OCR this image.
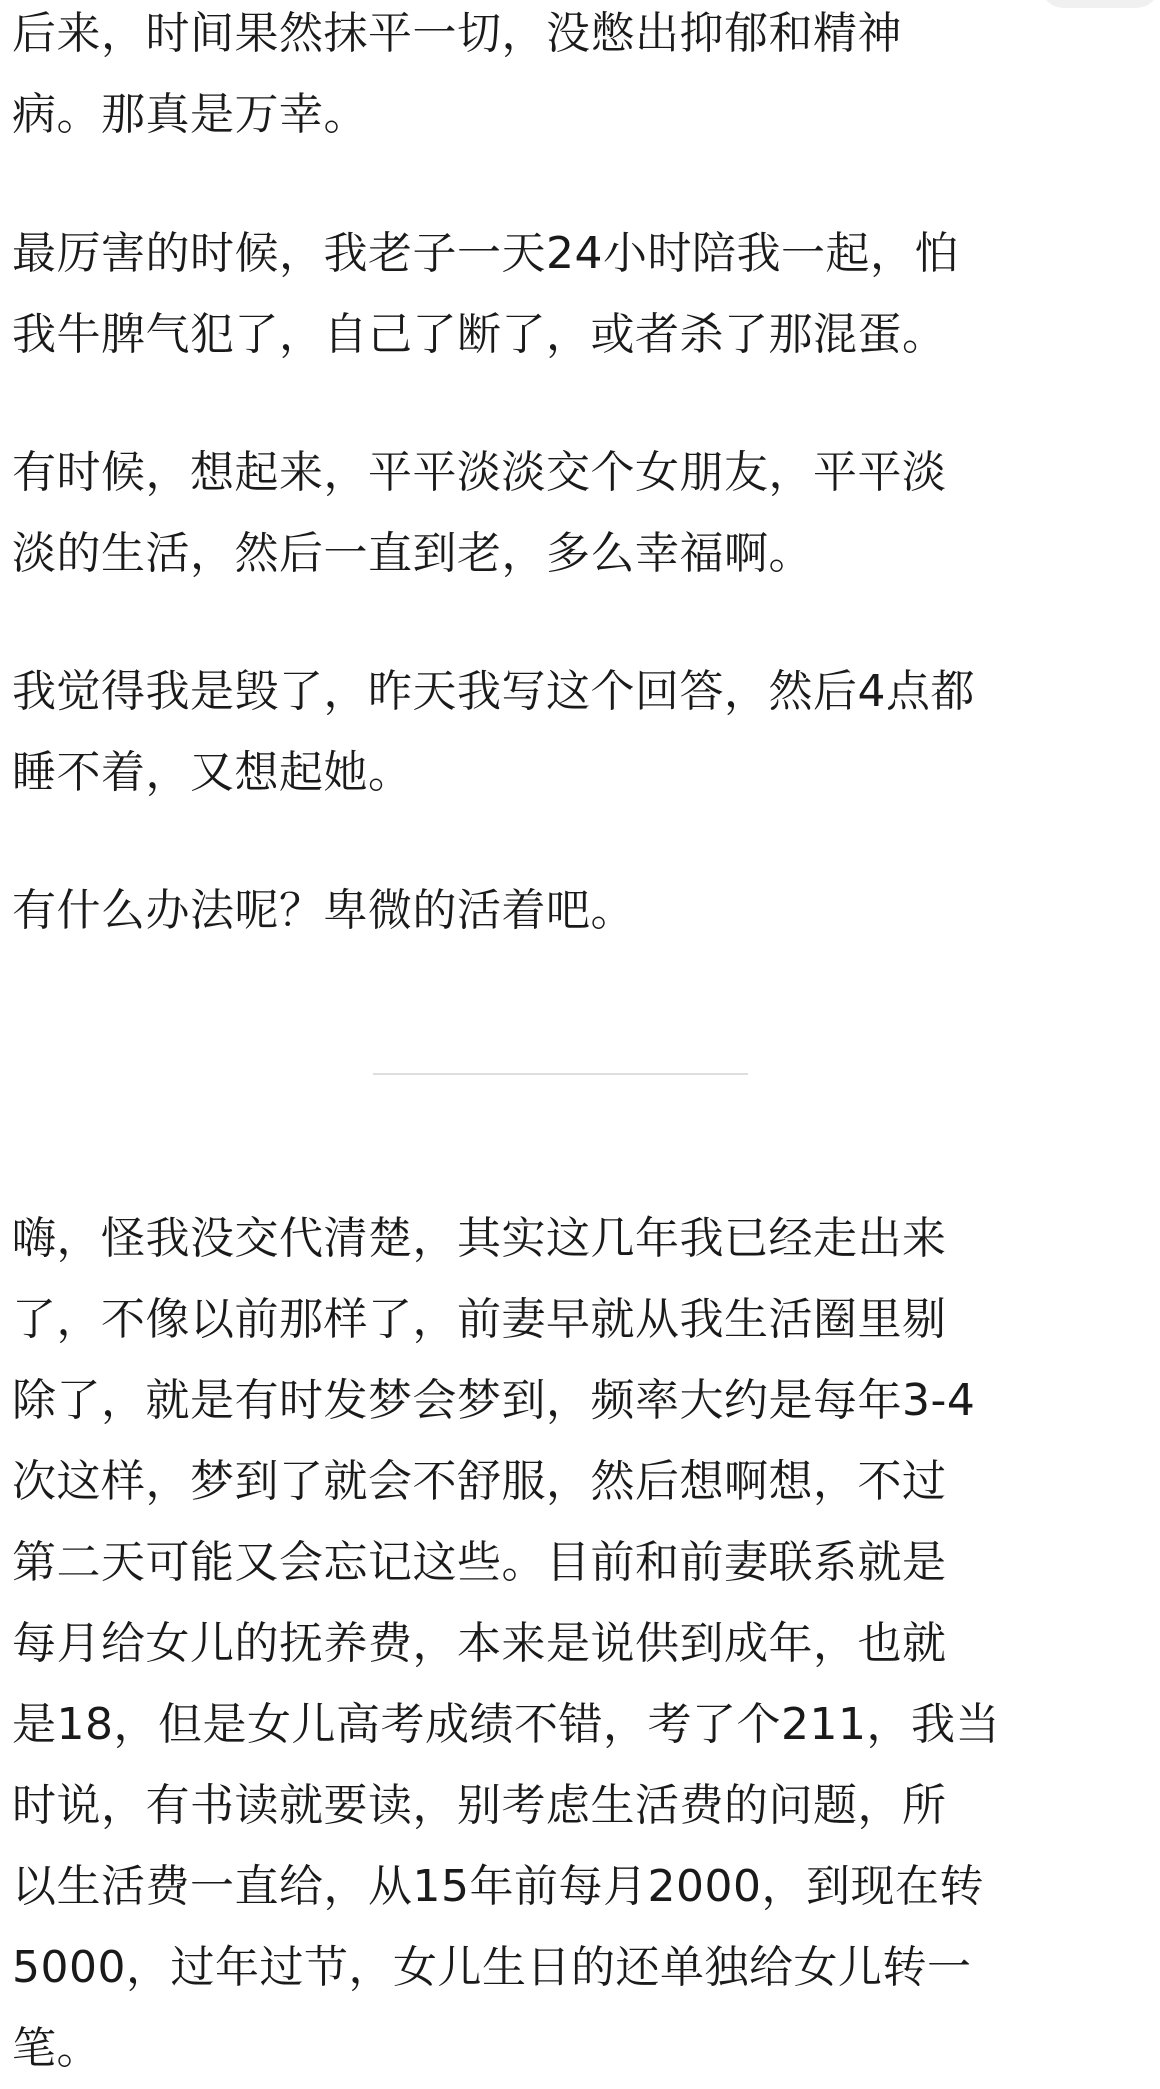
后来，时间果然抹平一切，没憋出抑郁和精神
病。那真是万幸。

最厉害的时候，我老子一天24小时陪我一起，怕
我牛脾气犯了，自己了断了，或者杀了那混蛋。

有时候，想起来，平平淡淡交个女朋友，平平淡
淡的生活，然后一直到老，多么幸福啊。

我觉得我是毁了，昨天我写这个回答，然后4点都
睡不着，又想起她。

有什么办法呢？卑微的活着吧。

嗨，怪我没交代清楚，其实这几年我已经走出来
了，不像以前那样了，前妻早就从我生活圈里剔
除了，就是有时发梦会梦到，频率大约是每年3-4
次这样，梦到了就会不舒服，然后想啊想，不过
第二天可能又会忘记这些。目前和前妻联系就是
每月给女儿的抚养费，本来是说供到成年，也就
是18，但是女儿高考成绩不错，考了个211，我当
时说，有书读就要读，别考虑生活费的问题，所
以生活费一直给，从15年前每月2000，到现在转
5000，过年过节，女儿生日的还单独给女儿转一
笔。
